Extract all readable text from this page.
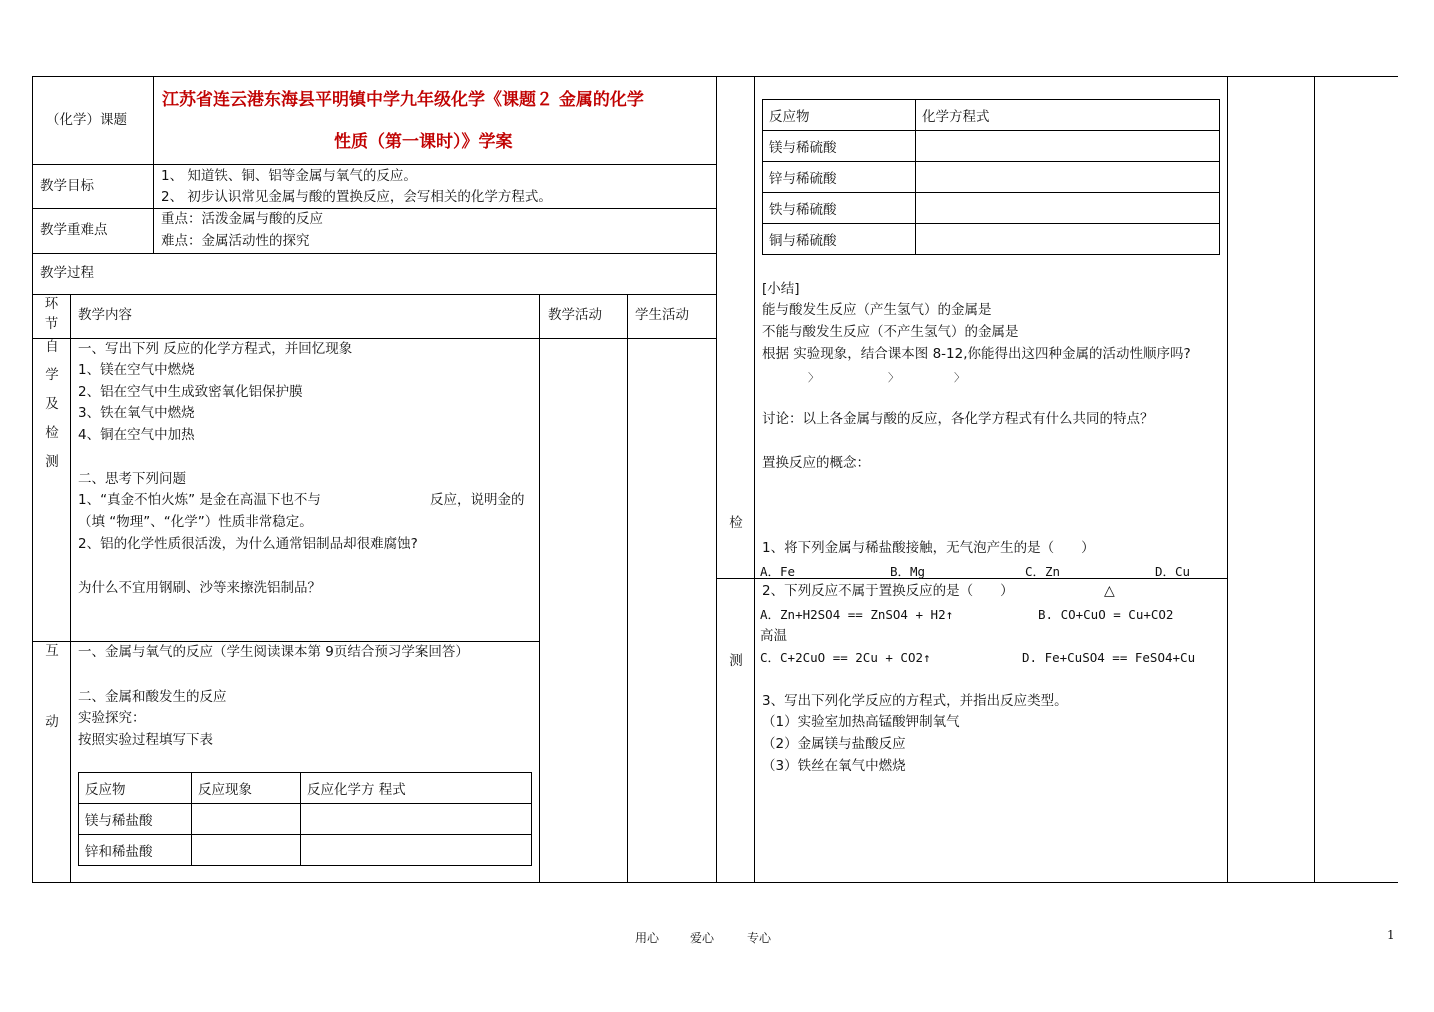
（化学）课题
江苏省连云港东海县平明镇中学九年级化学《课题２ 金属的化学
性质（第一课时）》学案
教学目标
1、 知道铁、铜、铝等金属与氧气的反应。
2、 初步认识常见金属与酸的置换反应，会写相关的化学方程式。
教学重难点
重点：活泼金属与酸的反应
难点：金属活动性的探究
教学过程
环节
教学内容	教学活动 学生活动
自
学
及
检
测
一、写出下列 反应的化学方程式，并回忆现象
1、镁在空气中燃烧
2、铝在空气中生成致密氧化铝保护膜
3、铁在氧气中燃烧
4、铜在空气中加热
二、思考下列问题
1、“真金不怕火炼” 是金在高温下也不与	反应，说明金的
（填 “物理”、“化学”）性质非常稳定。
2、铝的化学性质很活泼，为什么通常铝制品却很难腐蚀?
为什么不宜用钢刷、沙等来擦洗铝制品？
互
动
一、金属与氧气的反应（学生阅读课本第 9页结合预习学案回答）
二、金属和酸发生的反应
实验探究：
按照实验过程填写下表
反应物	反应现象	反应化学方 程式
镁与稀盐酸		
锌和稀盐酸		
反应物	化学方程式
镁与稀硫酸	
锌与稀硫酸	
铁与稀硫酸	
铜与稀硫酸	
[小结]
能与酸发生反应（产生氢气）的金属是
不能与酸发生反应（不产生氢气）的金属是
根据 实验现象，结合课本图 8-12,你能得出这四种金属的活动性顺序吗?
〉	〉	〉
讨论：以上各金属与酸的反应，各化学方程式有什么共同的特点？
置换反应的概念：
检
测
1、将下列金属与稀盐酸接触，无气泡产生的是（　　）
A．Fe	B．Mg	C．Zn	D．Cu
2、下列反应不属于置换反应的是（　　）	△
A．Zn+H2SO4 == ZnSO4 + H2↑	B. CO+CuO = Cu+CO2
高温
C．C+2CuO == 2Cu + CO2↑	D. Fe+CuSO4 == FeSO4+Cu
3、写出下列化学反应的方程式，并指出反应类型。
（1）实验室加热高锰酸钾制氧气
（2）金属镁与盐酸反应
（3）铁丝在氧气中燃烧
用心	爱心	专心	1
